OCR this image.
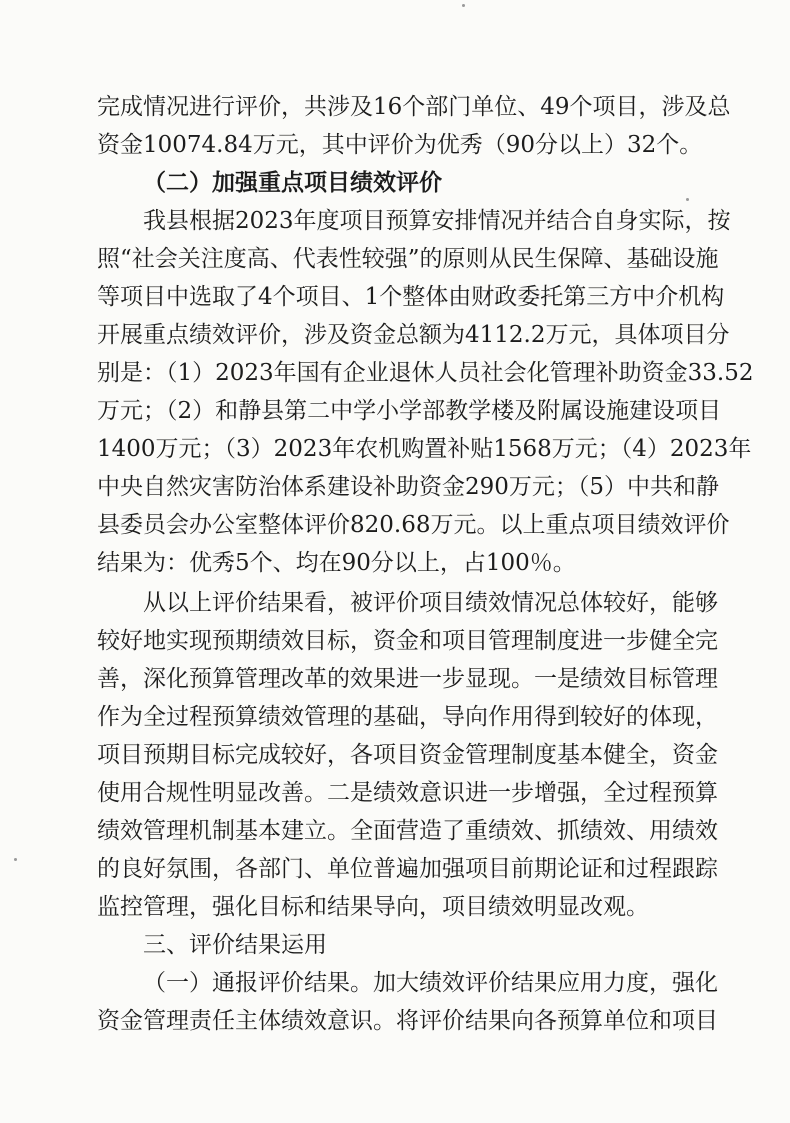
完成情况进行评价，共涉及16个部门单位、49个项目，涉及总
资金10074.84万元，其中评价为优秀（90分以上）32个。
（二）加强重点项目绩效评价
我县根据2023年度项目预算安排情况并结合自身实际，按
照“社会关注度高、代表性较强”的原则从民生保障、基础设施
等项目中选取了4个项目、1个整体由财政委托第三方中介机构
开展重点绩效评价，涉及资金总额为4112.2万元，具体项目分
别是：（1）2023年国有企业退休人员社会化管理补助资金33.52
万元；（2）和静县第二中学小学部教学楼及附属设施建设项目
1400万元；（3）2023年农机购置补贴1568万元；（4）2023年
中央自然灾害防治体系建设补助资金290万元；（5）中共和静
县委员会办公室整体评价820.68万元。以上重点项目绩效评价
结果为：优秀5个、均在90分以上，占100％。
从以上评价结果看，被评价项目绩效情况总体较好，能够
较好地实现预期绩效目标，资金和项目管理制度进一步健全完
善，深化预算管理改革的效果进一步显现。一是绩效目标管理
作为全过程预算绩效管理的基础，导向作用得到较好的体现，
项目预期目标完成较好，各项目资金管理制度基本健全，资金
使用合规性明显改善。二是绩效意识进一步增强，全过程预算
绩效管理机制基本建立。全面营造了重绩效、抓绩效、用绩效
的良好氛围，各部门、单位普遍加强项目前期论证和过程跟踪
监控管理，强化目标和结果导向，项目绩效明显改观。
三、评价结果运用
（一）通报评价结果。加大绩效评价结果应用力度，强化
资金管理责任主体绩效意识。将评价结果向各预算单位和项目
